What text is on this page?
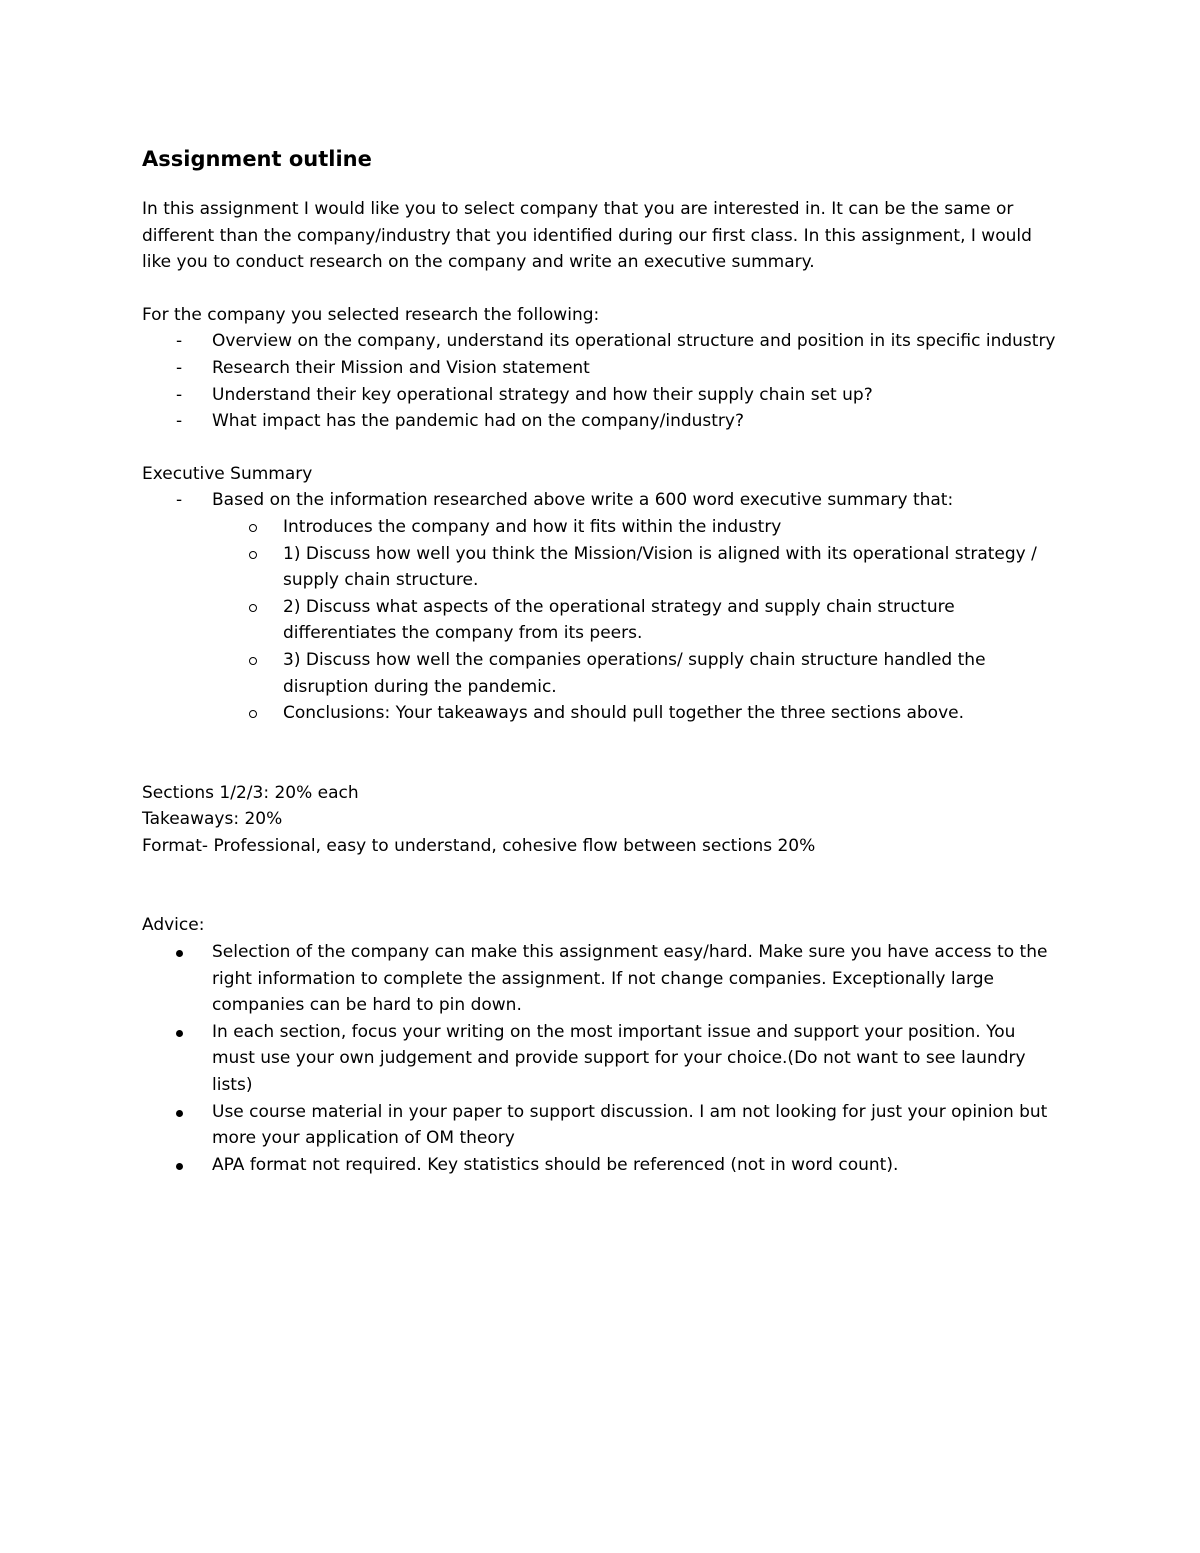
Assignment outline

In this assignment I would like you to select company that you are interested in. It can be the same or different than the company/industry that you identified during our first class. In this assignment, I would like you to conduct research on the company and write an executive summary.

For the company you selected research the following:

- Overview on the company, understand its operational structure and position in its specific industry
- Research their Mission and Vision statement
- Understand their key operational strategy and how their supply chain set up?
- What impact has the pandemic had on the company/industry?

Executive Summary

- Based on the information researched above write a 600 word executive summary that:
Introduces the company and how it fits within the industry
1) Discuss how well you think the Mission/Vision is aligned with its operational strategy / supply chain structure.
2) Discuss what aspects of the operational strategy and supply chain structure differentiates the company from its peers.
3) Discuss how well the companies operations/ supply chain structure handled the disruption during the pandemic.
Conclusions: Your takeaways and should pull together the three sections above.

Sections 1/2/3: 20% each

Takeaways: 20%

Format- Professional, easy to understand, cohesive flow between sections 20%

Advice:

Selection of the company can make this assignment easy/hard. Make sure you have access to the right information to complete the assignment. If not change companies. Exceptionally large companies can be hard to pin down.
In each section, focus your writing on the most important issue and support your position. You must use your own judgement and provide support for your choice.(Do not want to see laundry lists)
Use course material in your paper to support discussion. I am not looking for just your opinion but more your application of OM theory
APA format not required. Key statistics should be referenced (not in word count).
